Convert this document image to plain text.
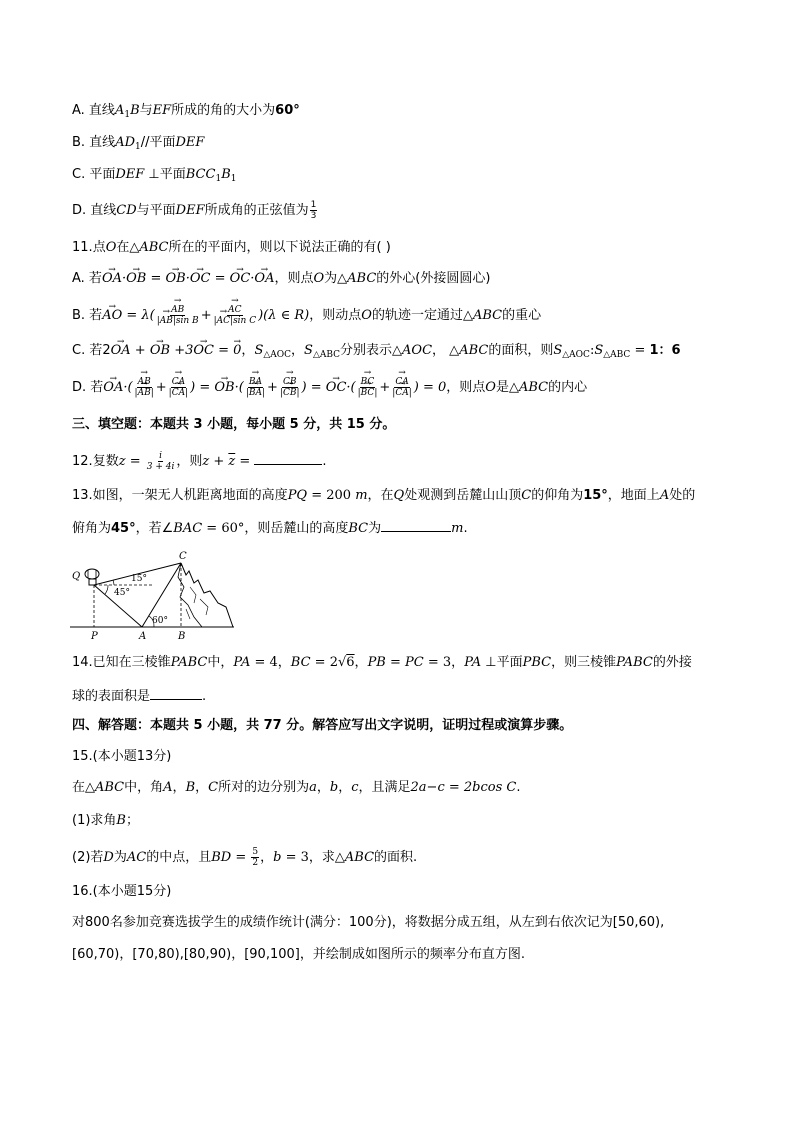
A. 直线$A_1B$与EF所成的角的大小为60°
B. 直线$AD_1//$平面DEF
C. 平面DEF ⊥平面$BCC_1B_1$
D. 直线CD与平面DEF所成角的正弦值为 $\frac{1}{3}$
11.点O在△ABC所在的平面内，则以下说法正确的有( )
A. 若→ OA·→ OB = → OB·→ OC = → OC·→ OA，则点O为△ABC的外心(外接圆圆心)
B. 若→ AO = $\lambda( \to \frac{AB}{\text{|→ AB|sin B}}$ + → $\frac{AC}{\text{|→ AC|sin C}} )(\lambda$ ∈ R)，则动点O的轨迹一定通过△ABC的重心
C. 若2→ OA + → OB +3→ OC = → 0，$S_{\triangle AOC}$，$S_{\triangle ABC}$分别表示△AOC， △ABC的面积，则$S_{\triangle AOC}:S_{\triangle ABC} = 1$：6
D. 若→ $OA\cdot( \to \frac{AB}{|\to AB|}$ + → $\frac{CA}{|\to CA|}$ ) = → $OB\cdot( \to \frac{BA}{|\to BA|}$ + → $\frac{CB}{|\to CB|}$ ) = → $OC\cdot( \to \frac{BC}{|\to BC|}$ + → $\frac{CA}{|\to CA|}$ ) = 0，则点O是△ABC的内心
三、填空题：本题共 3 小题，每小题 5 分，共 15 分。
12.复数$z = \frac{i}{3 + 4i}$ ，则$z + \overline{z}$ =	.
13.如图，一架无人机距离地面的高度PQ = 200 m，在Q处观测到岳麓山山顶C的仰角为15°，地面上A处的
俯角为45°，若∠BAC = 60°，则岳麓山的高度BC为	m.
Q
C
P	A	B
15°
45°
60°
14.已知在三棱锥PABC中，PA = 4，BC = 2√6，PB = PC = 3，PA ⊥平面PBC，则三棱锥PABC的外接
球的表面积是	.
四、解答题：本题共 5 小题，共 77 分。解答应写出文字说明，证明过程或演算步骤。
15.(本小题13分)
在△ABC中，角A，B，C所对的边分别为a，b，c，且满足2a−c = 2bcos C.
(1)求角B；
(2)若D为AC的中点，且BD = $\frac{5}{2}$ ，b = 3，求△ABC的面积.
16.(本小题15分)
对800名参加竞赛选拔学生的成绩作统计(满分：100分)，将数据分成五组，从左到右依次记为[50,60),
[60,70)，[70,80),[80,90)，[90,100]，并绘制成如图所示的频率分布直方图.
